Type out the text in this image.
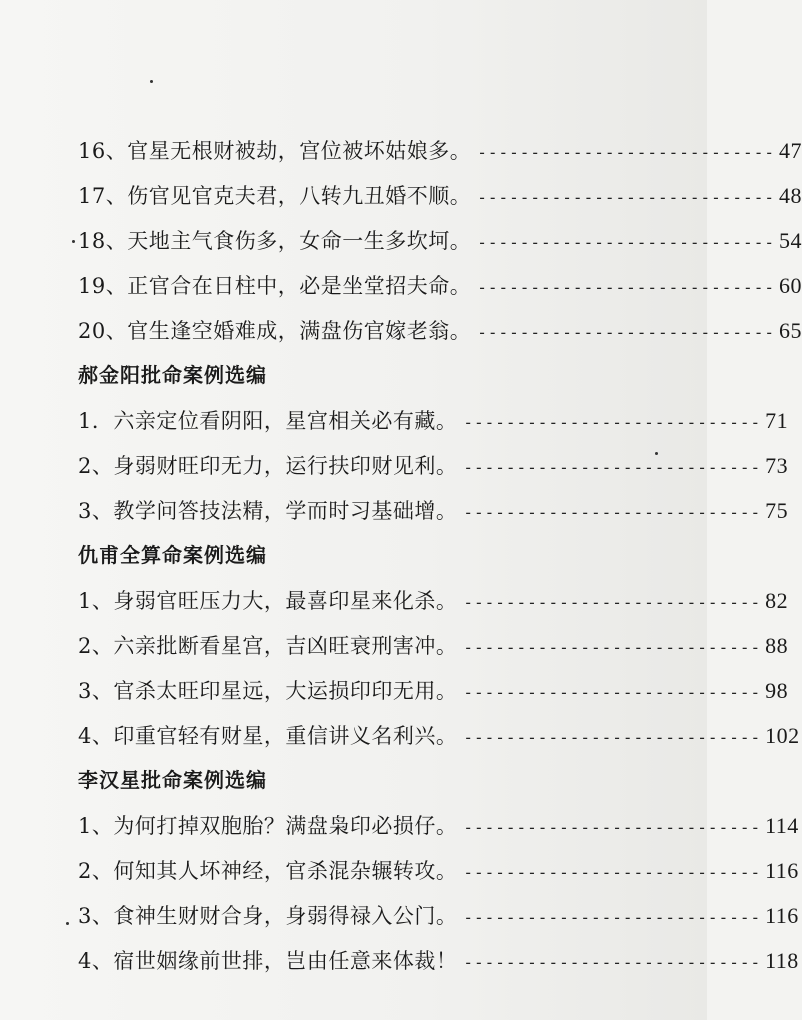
16、 官星无根财被劫，宫位被坏姑娘多。 ---------------------------- 47
17、 伤官见官克夫君，八转九丑婚不顺。 ---------------------------- 48
18、 天地主气食伤多，女命一生多坎坷。 ---------------------------- 54
19、 正官合在日柱中，必是坐堂招夫命。 ---------------------------- 60
20、 官生逢空婚难成，满盘伤官嫁老翁。 ---------------------------- 65
郝金阳批命案例选编
1． 六亲定位看阴阳，星宫相关必有藏。 ---------------------------- 71
2、 身弱财旺印无力，运行扶印财见利。 ---------------------------- 73
3、 教学问答技法精，学而时习基础增。 ---------------------------- 75
仇甫全算命案例选编
1、 身弱官旺压力大，最喜印星来化杀。 ---------------------------- 82
2、 六亲批断看星宫，吉凶旺衰刑害冲。 ---------------------------- 88
3、 官杀太旺印星远，大运损印印无用。 ---------------------------- 98
4、 印重官轻有财星，重信讲义名利兴。 ---------------------------- 102
李汉星批命案例选编
1、 为何打掉双胞胎？满盘枭印必损仔。 ---------------------------- 114
2、 何知其人坏神经，官杀混杂辗转攻。 ---------------------------- 116
3、 食神生财财合身，身弱得禄入公门。 ---------------------------- 116
4、 宿世姻缘前世排，岂由任意来体裁！ ---------------------------- 118
